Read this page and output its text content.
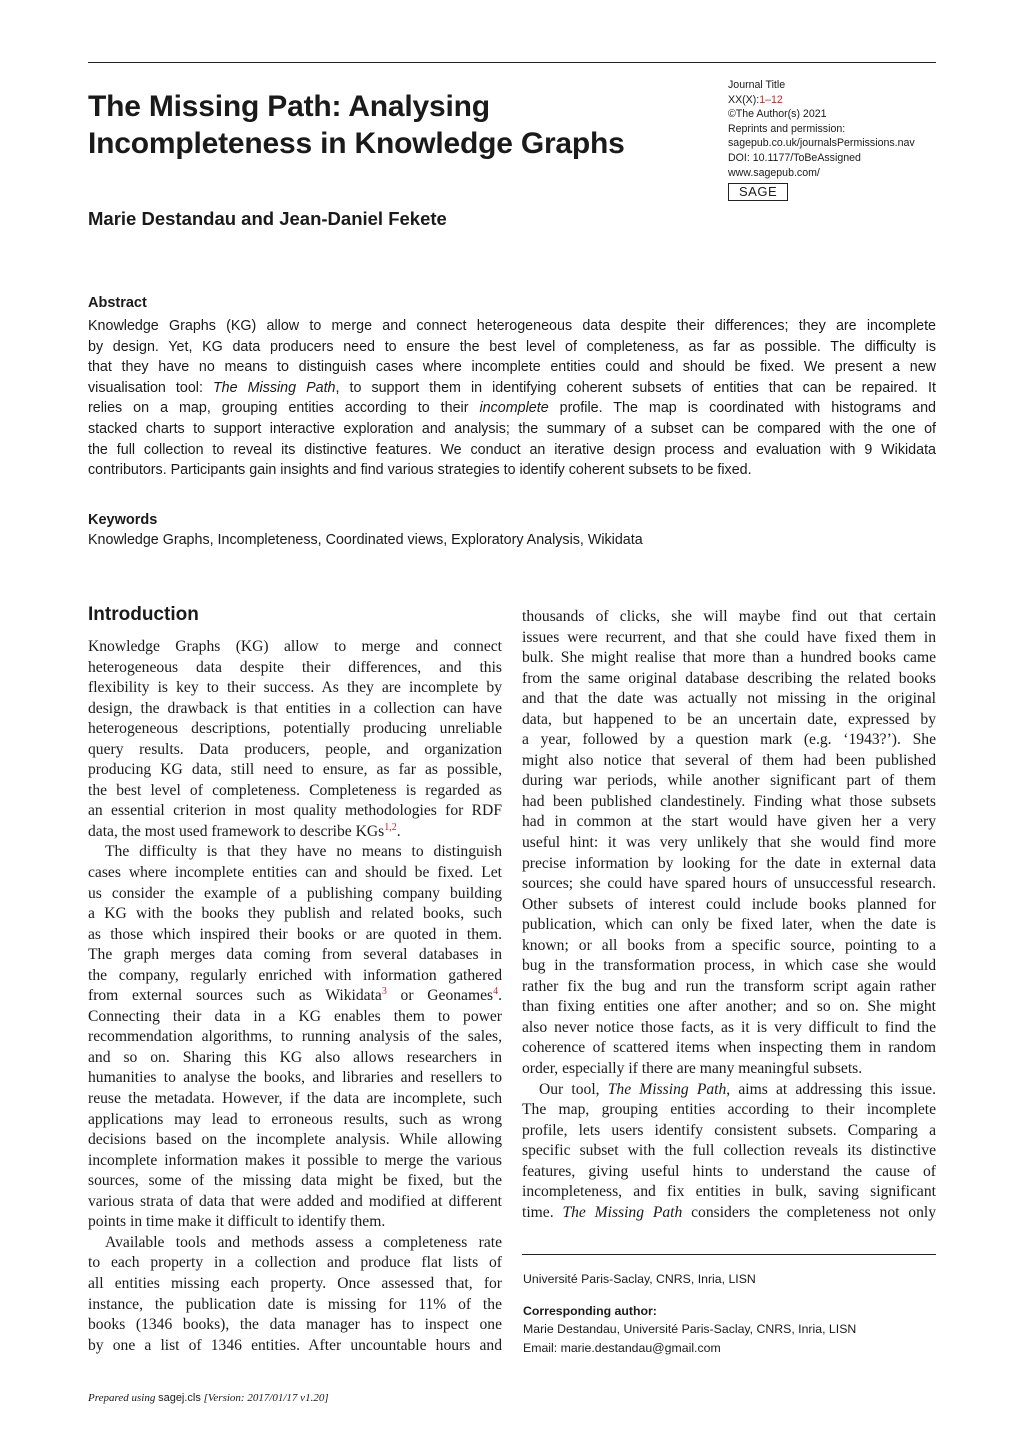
The Missing Path: Analysing
Incompleteness in Knowledge Graphs
Journal Title
XX(X):1–12
©The Author(s) 2021
Reprints and permission:
sagepub.co.uk/journalsPermissions.nav
DOI: 10.1177/ToBeAssigned
www.sagepub.com/
SAGE
Marie Destandau and Jean-Daniel Fekete
Abstract
Knowledge Graphs (KG) allow to merge and connect heterogeneous data despite their differences; they are incomplete
by design. Yet, KG data producers need to ensure the best level of completeness, as far as possible. The difficulty is
that they have no means to distinguish cases where incomplete entities could and should be fixed. We present a new
visualisation tool: The Missing Path, to support them in identifying coherent subsets of entities that can be repaired. It
relies on a map, grouping entities according to their incomplete profile. The map is coordinated with histograms and
stacked charts to support interactive exploration and analysis; the summary of a subset can be compared with the one of
the full collection to reveal its distinctive features. We conduct an iterative design process and evaluation with 9 Wikidata
contributors. Participants gain insights and find various strategies to identify coherent subsets to be fixed.
Keywords
Knowledge Graphs, Incompleteness, Coordinated views, Exploratory Analysis, Wikidata
Introduction
Knowledge Graphs (KG) allow to merge and connect
heterogeneous data despite their differences, and this
flexibility is key to their success. As they are incomplete by
design, the drawback is that entities in a collection can have
heterogeneous descriptions, potentially producing unreliable
query results. Data producers, people, and organization
producing KG data, still need to ensure, as far as possible,
the best level of completeness. Completeness is regarded as
an essential criterion in most quality methodologies for RDF
data, the most used framework to describe KGs$^{1,2}$.
The difficulty is that they have no means to distinguish
cases where incomplete entities can and should be fixed. Let
us consider the example of a publishing company building
a KG with the books they publish and related books, such
as those which inspired their books or are quoted in them.
The graph merges data coming from several databases in
the company, regularly enriched with information gathered
from external sources such as Wikidata$^3$ or Geonames$^4$.
Connecting their data in a KG enables them to power
recommendation algorithms, to running analysis of the sales,
and so on. Sharing this KG also allows researchers in
humanities to analyse the books, and libraries and resellers to
reuse the metadata. However, if the data are incomplete, such
applications may lead to erroneous results, such as wrong
decisions based on the incomplete analysis. While allowing
incomplete information makes it possible to merge the various
sources, some of the missing data might be fixed, but the
various strata of data that were added and modified at different
points in time make it difficult to identify them.
Available tools and methods assess a completeness rate
to each property in a collection and produce flat lists of
all entities missing each property. Once assessed that, for
instance, the publication date is missing for 11% of the
books (1346 books), the data manager has to inspect one
by one a list of 1346 entities. After uncountable hours and
thousands of clicks, she will maybe find out that certain
issues were recurrent, and that she could have fixed them in
bulk. She might realise that more than a hundred books came
from the same original database describing the related books
and that the date was actually not missing in the original
data, but happened to be an uncertain date, expressed by
a year, followed by a question mark (e.g. ‘1943?’). She
might also notice that several of them had been published
during war periods, while another significant part of them
had been published clandestinely. Finding what those subsets
had in common at the start would have given her a very
useful hint: it was very unlikely that she would find more
precise information by looking for the date in external data
sources; she could have spared hours of unsuccessful research.
Other subsets of interest could include books planned for
publication, which can only be fixed later, when the date is
known; or all books from a specific source, pointing to a
bug in the transformation process, in which case she would
rather fix the bug and run the transform script again rather
than fixing entities one after another; and so on. She might
also never notice those facts, as it is very difficult to find the
coherence of scattered items when inspecting them in random
order, especially if there are many meaningful subsets.
Our tool, The Missing Path, aims at addressing this issue.
The map, grouping entities according to their incomplete
profile, lets users identify consistent subsets. Comparing a
specific subset with the full collection reveals its distinctive
features, giving useful hints to understand the cause of
incompleteness, and fix entities in bulk, saving significant
time. The Missing Path considers the completeness not only
Université Paris-Saclay, CNRS, Inria, LISN
Corresponding author:
Marie Destandau, Université Paris-Saclay, CNRS, Inria, LISN
Email: marie.destandau@gmail.com
Prepared using sagej.cls [Version: 2017/01/17 v1.20]
